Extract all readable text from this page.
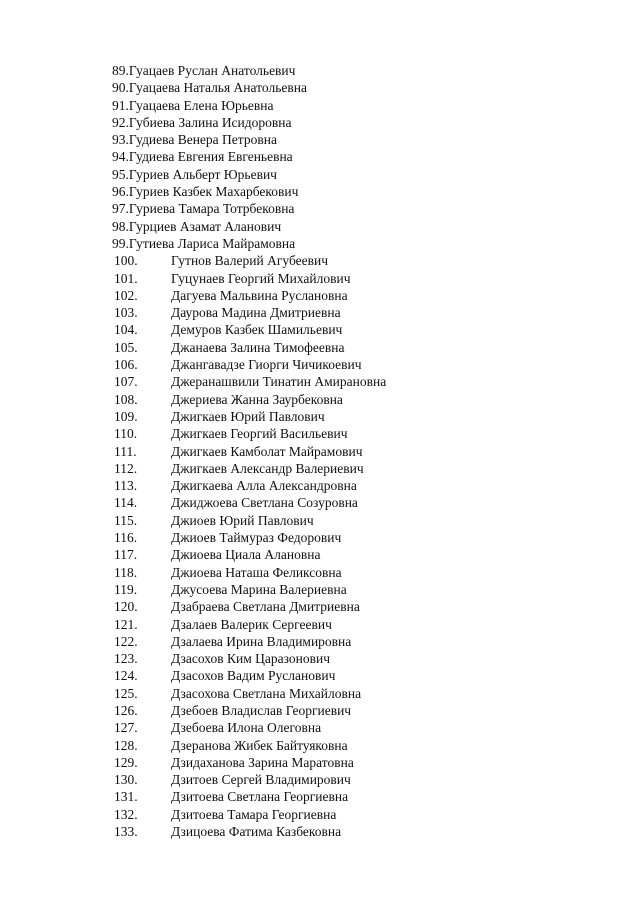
89.Гуацаев Руслан Анатольевич
90.Гуацаева Наталья Анатольевна
91.Гуацаева Елена Юрьевна
92.Губиева Залина Исидоровна
93.Гудиева Венера Петровна
94.Гудиева Евгения Евгеньевна
95.Гуриев Альберт Юрьевич
96.Гуриев Казбек Махарбекович
97.Гуриева Тамара Тотрбековна
98.Гурциев Азамат Аланович
99.Гутиева Лариса Майрамовна
100. Гутнов Валерий Агубеевич
101. Гуцунаев Георгий Михайлович
102. Дагуева Мальвина Руслановна
103. Даурова Мадина Дмитриевна
104. Демуров Казбек Шамильевич
105. Джанаева Залина Тимофеевна
106. Джангавадзе Гиорги Чичикоевич
107. Джеранашвили Тинатин Амирановна
108. Джериева Жанна Заурбековна
109. Джигкаев Юрий Павлович
110.	Джигкаев Георгий Васильевич
111.	Джигкаев Камболат Майрамович
112.	Джигкаев Александр Валериевич
113.	Джигкаева Алла Александровна
114.	Джиджоева Светлана Созуровна
115.	Джиоев Юрий Павлович
116.	Джиоев Таймураз Федорович
117.	Джиоева Циала Алановна
118.	Джиоева Наташа Феликсовна
119.	Джусоева Марина Валериевна
120. Дзабраева Светлана Дмитриевна
121. Дзалаев Валерик Сергеевич
122. Дзалаева Ирина Владимировна
123. Дзасохов Ким Царазонович
124. Дзасохов Вадим Русланович
125. Дзасохова Светлана Михайловна
126. Дзебоев Владислав Георгиевич
127. Дзебоева Илона Олеговна
128. Дзеранова Жибек Байтуяковна
129. Дзидаханова Зарина Маратовна
130. Дзитоев Сергей Владимирович
131. Дзитоева Светлана Георгиевна
132. Дзитоева Тамара Георгиевна
133. Дзицоева Фатима Казбековна
